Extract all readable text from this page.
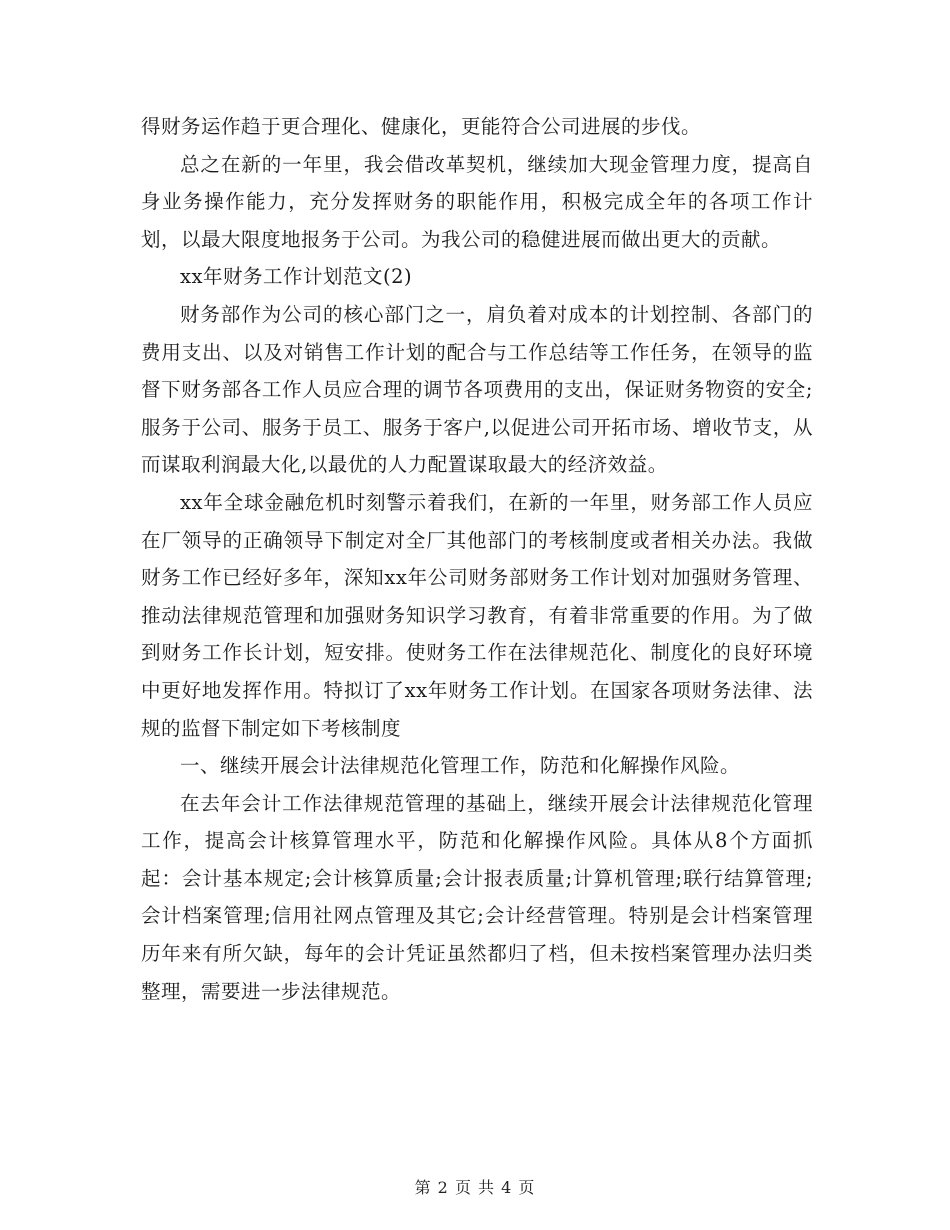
得财务运作趋于更合理化、健康化，更能符合公司进展的步伐。

总之在新的一年里，我会借改革契机，继续加大现金管理力度，提高自身业务操作能力，充分发挥财务的职能作用，积极完成全年的各项工作计划，以最大限度地报务于公司。为我公司的稳健进展而做出更大的贡献。

xx年财务工作计划范文(2)

财务部作为公司的核心部门之一，肩负着对成本的计划控制、各部门的费用支出、以及对销售工作计划的配合与工作总结等工作任务，在领导的监督下财务部各工作人员应合理的调节各项费用的支出，保证财务物资的安全;服务于公司、服务于员工、服务于客户,以促进公司开拓市场、增收节支，从而谋取利润最大化,以最优的人力配置谋取最大的经济效益。

xx年全球金融危机时刻警示着我们，在新的一年里，财务部工作人员应在厂领导的正确领导下制定对全厂其他部门的考核制度或者相关办法。我做财务工作已经好多年，深知xx年公司财务部财务工作计划对加强财务管理、推动法律规范管理和加强财务知识学习教育，有着非常重要的作用。为了做到财务工作长计划，短安排。使财务工作在法律规范化、制度化的良好环境中更好地发挥作用。特拟订了xx年财务工作计划。在国家各项财务法律、法规的监督下制定如下考核制度

一、继续开展会计法律规范化管理工作，防范和化解操作风险。

在去年会计工作法律规范管理的基础上，继续开展会计法律规范化管理工作，提高会计核算管理水平，防范和化解操作风险。具体从8个方面抓起：会计基本规定;会计核算质量;会计报表质量;计算机管理;联行结算管理;会计档案管理;信用社网点管理及其它;会计经营管理。特别是会计档案管理历年来有所欠缺，每年的会计凭证虽然都归了档，但未按档案管理办法归类整理，需要进一步法律规范。

第 2 页 共 4 页
